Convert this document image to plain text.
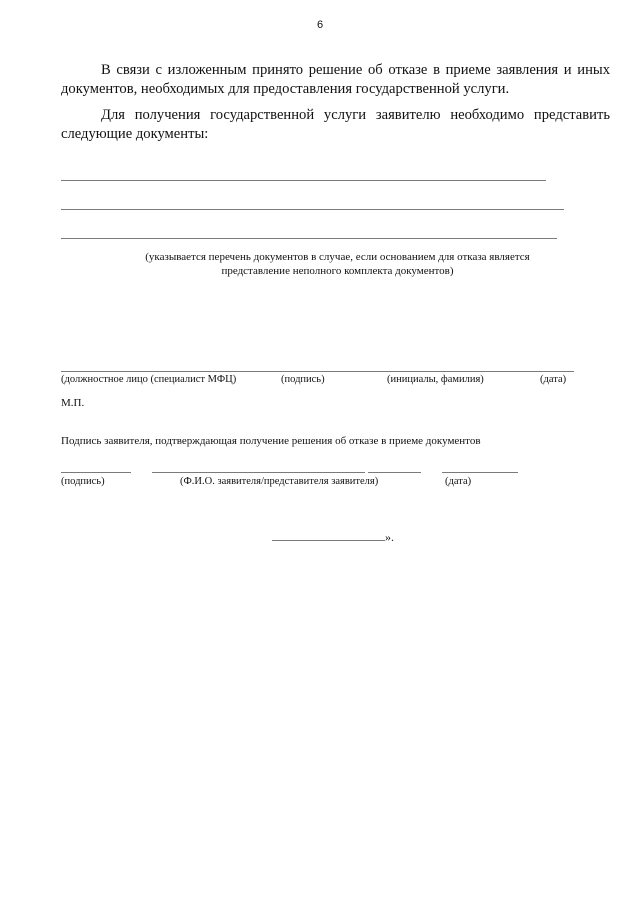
6
В связи с изложенным принято решение об отказе в приеме заявления и иных документов, необходимых для предоставления государственной услуги.
Для получения государственной услуги заявителю необходимо представить следующие документы:
(указывается перечень документов в случае, если основанием для отказа является
представление неполного комплекта документов)
(должностное лицо (специалист МФЦ)	(подпись)	(инициалы, фамилия)	(дата)
М.П.
Подпись заявителя, подтверждающая получение решения об отказе в приеме документов
(подпись)	(Ф.И.О. заявителя/представителя заявителя)	(дата)
».
